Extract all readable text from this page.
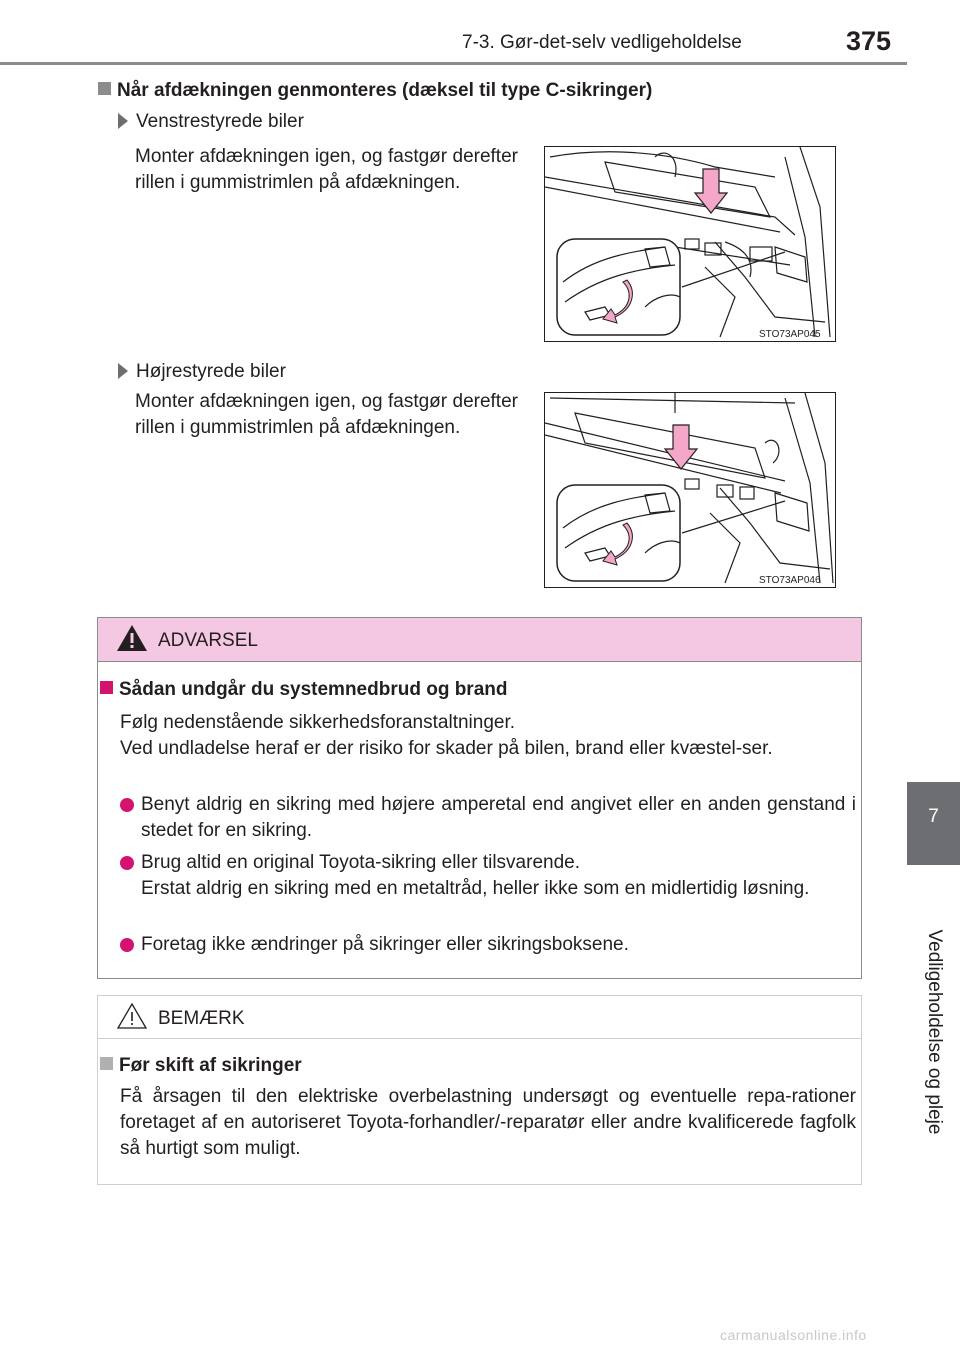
7-3. Gør-det-selv vedligeholdelse	375
7
Vedligeholdelse og pleje
Når afdækningen genmonteres (dæksel til type C-sikringer)
Venstrestyrede biler
Monter afdækningen igen, og fastgør derefter rillen i gummistrimlen på afdækningen.
STO73AP045
Højrestyrede biler
Monter afdækningen igen, og fastgør derefter rillen i gummistrimlen på afdækningen.
STO73AP046
ADVARSEL
Sådan undgår du systemnedbrud og brand
Følg nedenstående sikkerhedsforanstaltninger.
Ved undladelse heraf er der risiko for skader på bilen, brand eller kvæstel-ser.
Benyt aldrig en sikring med højere amperetal end angivet eller en anden genstand i stedet for en sikring.
Brug altid en original Toyota-sikring eller tilsvarende.
Erstat aldrig en sikring med en metaltråd, heller ikke som en midlertidig løsning.
Foretag ikke ændringer på sikringer eller sikringsboksene.
BEMÆRK
Før skift af sikringer
Få årsagen til den elektriske overbelastning undersøgt og eventuelle repa-rationer foretaget af en autoriseret Toyota-forhandler/-reparatør eller andre kvalificerede fagfolk så hurtigt som muligt.
carmanualsonline.info
